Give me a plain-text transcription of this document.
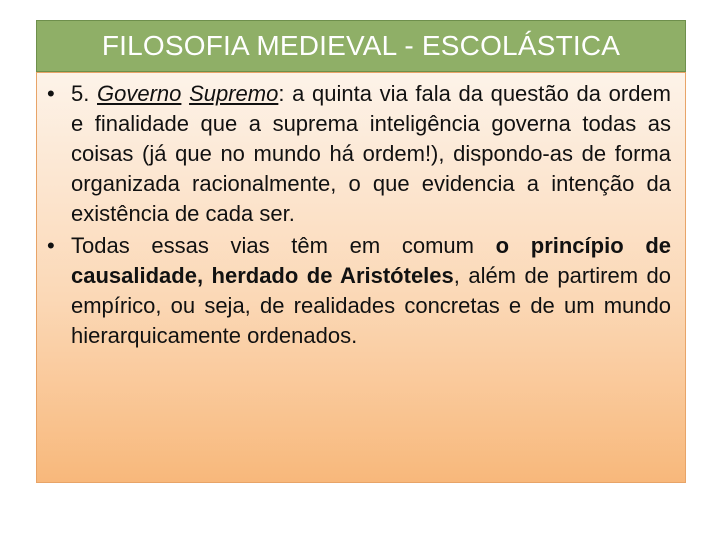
FILOSOFIA MEDIEVAL - ESCOLÁSTICA
• 5. Governo Supremo: a quinta via fala da questão da ordem e finalidade que a suprema inteligência governa todas as coisas (já que no mundo há ordem!), dispondo-as de forma organizada racionalmente, o que evidencia a intenção da existência de cada ser.
• Todas essas vias têm em comum o princípio de causalidade, herdado de Aristóteles, além de partirem do empírico, ou seja, de realidades concretas e de um mundo hierarquicamente ordenados.
